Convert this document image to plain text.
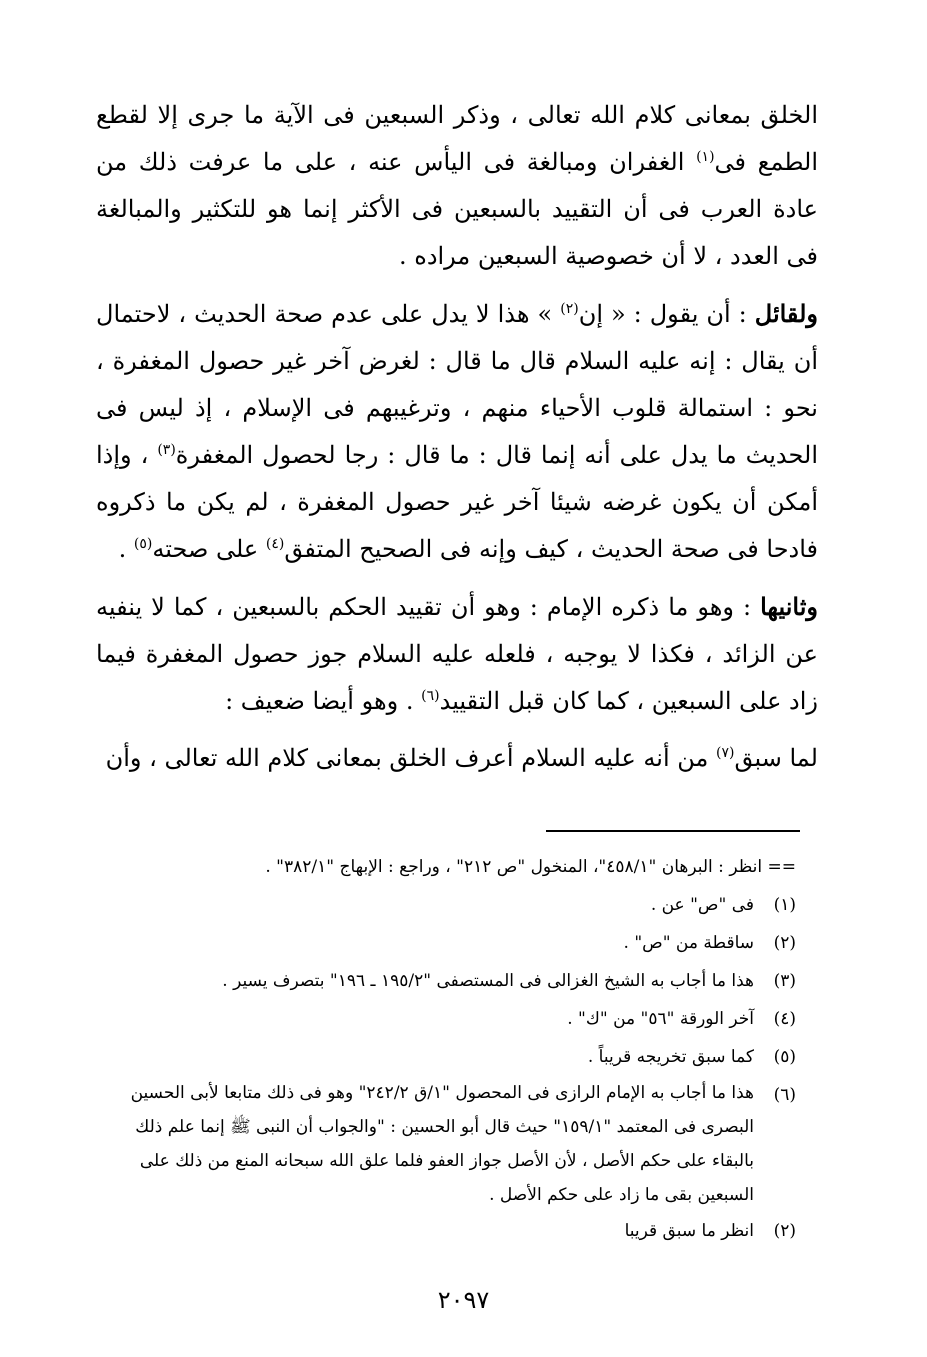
الخلق بمعانى كلام الله تعالى ، وذكر السبعين فى الآية ما جرى إلا لقطع الطمع فى$^{(١)}$ الغفران ومبالغة فى اليأس عنه ، على ما عرفت ذلك من عادة العرب فى أن التقييد بالسبعين فى الأكثر إنما هو للتكثير والمبالغة فى العدد ، لا أن خصوصية السبعين مراده .

ولقائل : أن يقول : « إن$^{(٢)}$ » هذا لا يدل على عدم صحة الحديث ، لاحتمال أن يقال : إنه عليه السلام قال ما قال : لغرض آخر غير حصول المغفرة ، نحو : استمالة قلوب الأحياء منهم ، وترغيبهم فى الإسلام ، إذ ليس فى الحديث ما يدل على أنه إنما قال : ما قال : رجا لحصول المغفرة$^{(٣)}$ ، وإذا أمكن أن يكون غرضه شيئا آخر غير حصول المغفرة ، لم يكن ما ذكروه فادحا فى صحة الحديث ، كيف وإنه فى الصحيح المتفق$^{(٤)}$ على صحته$^{(٥)}$ .

وثانيها : وهو ما ذكره الإمام : وهو أن تقييد الحكم بالسبعين ، كما لا ينفيه عن الزائد ، فكذا لا يوجبه ، فلعله عليه السلام جوز حصول المغفرة فيما زاد على السبعين ، كما كان قبل التقييد$^{(٦)}$ . وهو أيضا ضعيف :

لما سبق$^{(٧)}$ من أنه عليه السلام أعرف الخلق بمعانى كلام الله تعالى ، وأن

== انظر : البرهان "٤٥٨/١"، المنخول "ص ٢١٢" ، وراجع : الإبهاج "٣٨٢/١" .
(١)
فى "ص" عن .
(٢)
ساقطة من "ص" .
(٣)
هذا ما أجاب به الشيخ الغزالى فى المستصفى "١٩٥/٢ ـ ١٩٦" بتصرف يسير .
(٤)
آخر الورقة "٥٦" من "ك" .
(٥)
كما سبق تخريجه قريباً .
(٦)
هذا ما أجاب به الإمام الرازى فى المحصول "١/ق ٢٤٢/٢" وهو فى ذلك متابعا لأبى الحسين البصرى فى المعتمد "١٥٩/١" حيث قال أبو الحسين : "والجواب أن النبى ﷺ إنما علم ذلك بالبقاء على حكم الأصل ، لأن الأصل جواز العفو فلما علق الله سبحانه المنع من ذلك على السبعين بقى ما زاد على حكم الأصل .
(٢)
انظر ما سبق قريبا
٢٠٩٧
